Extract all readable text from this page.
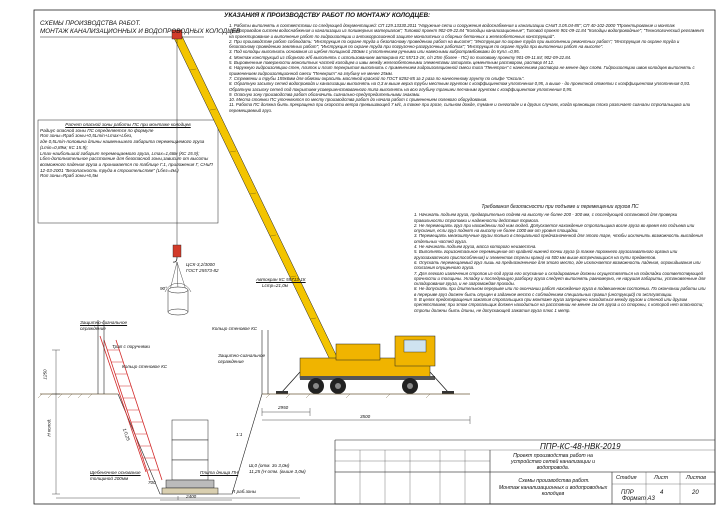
СХЕМЫ ПРОИЗВОДСТВА РАБОТ.
МОНТАЖ КАНАЛИЗАЦИОННЫХ И ВОДОПРОВОДНЫХ КОЛОДЦЕВ
УКАЗАНИЯ К ПРОИЗВОДСТВУ РАБОТ ПО МОНТАЖУ КОЛОДЦЕВ:

1. Работы выполнять в соответствии со следующей документацией: СП 129.13330.2011 "Наружные сети и сооружения водоснабжения и канализации СНиП 3.05.04-85"; СП 40-102-2000 "Проектирование и монтаж трубопроводов систем водоснабжения и канализации из полимерных материалов"; Типовой проект 902-09-22.84 "Колодцы канализационные"; Типовой проект 901-09-11.84 "Колодцы водопроводные"; "Технологический регламент на проектирование и выполнение работ по гидроизоляции и антикоррозионной защите монолитных и сборных бетонных и железобетонных конструкций".

2. При производстве работ соблюдать: "Инструкция по охране труда и безопасному проведению работ на высоте"; "Инструкция по охране труда при выполнении ремонтных работ"; "Инструкция по охране труда и безопасному проведению земляных работ"; "Инструкция по охране труда при погрузочно-разгрузочных работах"; "Инструкция по охране труда при выполнении работ на высоте".

3. Под колодцы выполнить основания из щебня толщиной 200мм с уплотнением ручными или навесными вибротрамбовками до Купл.=0,95.

4. Монтаж конструкций из сборного ж/б выполнять с использованием автокрана КС 55713-1К, с/п 25т (более - ПС) по типовому проекту 901-09-11.84; 902-09-22.84.

5. Выровненные поверхности монолитных частей колодцев и швы между железобетонными элементами затирать цементным раствором, раствор М 12.

6. Наружную гидроизоляцию стен, плиток и плит перекрытия выполнить с применением гидроизоляционной смеси типа "Пенетрон" с нанесением раствора не менее двух слоёв. Гидроизоляцию швов колодцев выполнять с применением гидроизоляционной смеси "Пенекрит" на глубину не менее 25мм.

7. Стремянки и трубы 159x6мм для обвязки окрасить масляной краской по ГОСТ 8292-85 за 2 раза по нанесенному грунту по олифе "Оксоль".

8. Обратную засыпку сетей водопровода и канализации выполнять на 0,3 м выше верха трубы местным грунтом с коэффициентом уплотнения 0,95, а выше - до проектной отметки с коэффициентом уплотнения 0,93. Обратную засыпку сетей под покрытием усовершенствованного типа выполнять на всю глубину траншеи песчаным грунтом с коэффициентом уплотнения 0,95.

9. Опасную зону производства работ обозначить сигнально-предупредительными знаками.

10. Места стоянки ПС уточняются по месту производства работ до начала работ с применением полевого оборудования.

11. Работа ПС должна быть прекращена при скорости ветра превышающей 7 м/с, а также при грозе, сильном дожде, тумане и снегопаде и в других случаях, когда крановщик плохо различает сигналы стропальщика или перемещаемый груз.

Расчет опасной зоны работы ПС при монтаже колодцев

Радиус опасной зоны ПС определяется по формуле

Rоп зоны=Rраб зоны+0,5Lmin+Lmax+Lбез,

где 0,5Lmin-половина длины наименьшего габарита перемещаемого груза (Lmin=0,89м; КС 15.9);

Lmax-наибольший габарит перемещаемого груза, Lmax=1,68м (КС 15.9);

Lбез-дополнительное расстояние для безопасной зоны,зависит от высоты возможного падения груза и принимается по таблице Г.1, приложения Г, СНиП 12-03-2001 "Безопасность труда в строительстве" (Lбез=4м.)

Rоп зоны=Rраб зоны+6,5м

Требования безопасности при подъеме и перемещении грузов ПС

1. Начинать подъем груза, предварительно подняв на высоту не более 200 - 300 мм, с последующей остановкой для проверки правильности строповки и надежности действия тормоза.

2. Не перемещать груз при нахождении под ним людей. Допускается нахождение стропальщика возле груза во время его подъема или опускания, если груз поднят на высоту не более 1000 мм от уровня площадки.

3. Перемещать мелкоштучные грузы только в специальной предназначенной для этого таре, чтобы исключить возможность выпадения отдельных частей груза.

4. Не начинать подъем груза, масса которого неизвестна.

5. Выполнять горизонтальное перемещение от крайней нижней точки груза (а также порожнего грузозахватного органа или грузозахватного приспособления) и элементов стрелы крана) на 500 мм выше встречающихся на пути предметов.

6. Опускать перемещаемый груз лишь на предназначенное для этого место, где исключается возможность падения, опрокидывания или сползания опущенного груза.

7. Для легкого извлечения стропов из-под груза его опускание и складирование должны осуществляться на подкладки соответствующей прочности и толщины. Укладку и последующую разборку груза следует выполнять равномерно, не нарушая габариты, установленные для складирования груза, и не загромождая проходы.

8. Не допускать при длительном перерыве или по окончании работ нахождение груза в подвешенном состоянии. По окончании работы или в перерыве груз должен быть опущен в заданное место с соблюдением специальных правил (инструкций) по эксплуатации.

9. В целях предотвращения зажатия стропальщика при монтаже груза запрещено находиться между грузом и стеной или другим препятствием; при этом стропальщик должен находиться на расстоянии не менее 1м от груза и со стороны, с которой нет опасности; стропы должны быть длины, не допускающей зажатия груза плюс 1 метр.

ЦСК-3,2/3000
ГОСТ 25573-82
90°
Автокран КС 55713-1К
Lстр=21,0м
Защитно-сигнальное
ограждение
Трап с поручнями
Кольцо стеновое КС
Защитно-сигнальное
ограждение
Кольцо стеновое КС
1:0,25	1:1
1250
H колод.
2950
3500
700
2400
Ш,0 (отм. 3о 3,0м)
11,25 (Н отм. (выше 3,0м)
Щебеночное основание
толщиной 200мм
Плита днища ПН
R раб.зоны
ППР-КС-48-НВК-2019
Проект производства работ на
устройство сетей канализации и
водопровода.
Схемы производства работ.
Монтаж канализационных и водопроводных
колодцев
Стадия	Лист	Листов
ППР	4	20
Формат А3
